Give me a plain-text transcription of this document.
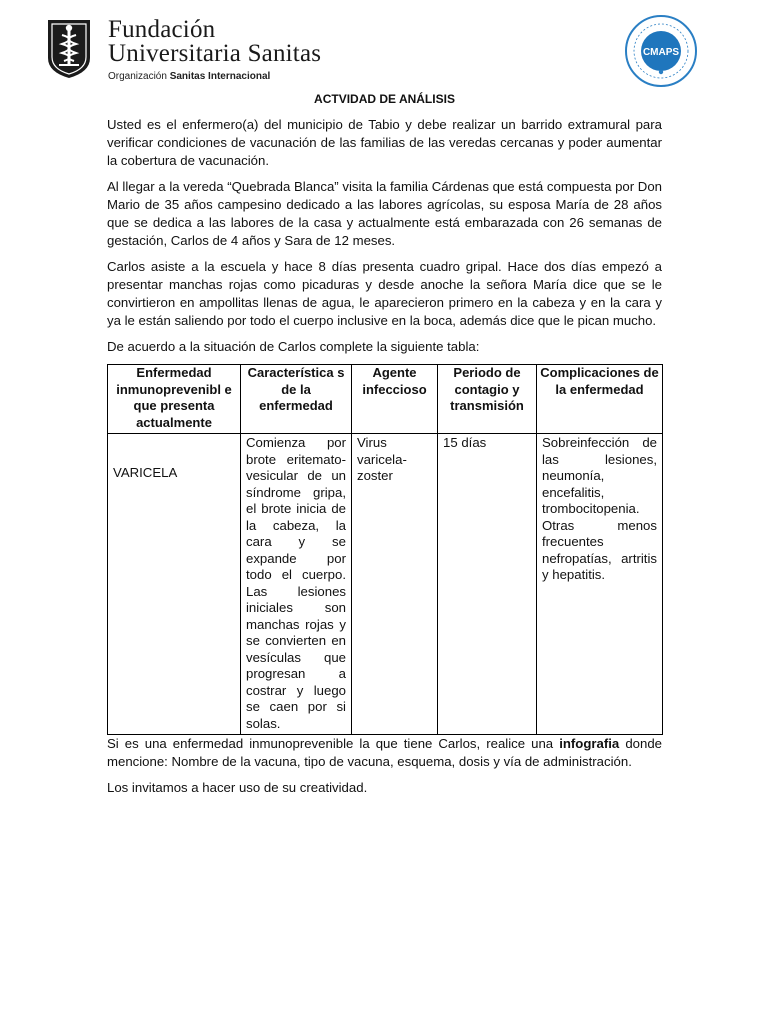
Fundación
Universitaria Sanitas
Organización Sanitas Internacional
CMAPS
ACTVIDAD DE ANÁLISIS

Usted es el enfermero(a) del municipio de Tabio y debe realizar un barrido extramural para verificar condiciones de vacunación de las familias de las veredas cercanas y poder aumentar la cobertura de vacunación.

Al llegar a la vereda “Quebrada Blanca” visita la familia Cárdenas que está compuesta por Don Mario de 35 años campesino dedicado a las labores agrícolas, su esposa María de 28 años que se dedica a las labores de la casa y actualmente está embarazada con 26 semanas de gestación, Carlos de 4 años y Sara de 12 meses.

Carlos asiste a la escuela y hace 8 días presenta cuadro gripal. Hace dos días empezó a presentar manchas rojas como picaduras y desde anoche la señora María dice que se le convirtieron en ampollitas llenas de agua, le aparecieron primero en la cabeza y en la cara y ya le están saliendo por todo el cuerpo inclusive en la boca, además dice que le pican mucho.

De acuerdo a la situación de Carlos complete la siguiente tabla:

Enfermedad inmunoprevenibl e que presenta actualmente	Característica s de la enfermedad	Agente infeccioso	Periodo de contagio y transmisión	Complicaciones de la enfermedad
VARICELA	Comienza por brote eritemato-vesicular de un síndrome gripa, el brote inicia de la cabeza, la cara y se expande por todo el cuerpo. Las lesiones iniciales son manchas rojas y se convierten en vesículas que progresan a costrar y luego se caen por si solas.	Virus varicela-zoster	15 días	Sobreinfección de las lesiones, neumonía, encefalitis, trombocitopenia. Otras menos frecuentes nefropatías, artritis y hepatitis.

Si es una enfermedad inmunoprevenible la que tiene Carlos, realice una infografia donde mencione: Nombre de la vacuna, tipo de vacuna, esquema, dosis y vía de administración.

Los invitamos a hacer uso de su creatividad.
